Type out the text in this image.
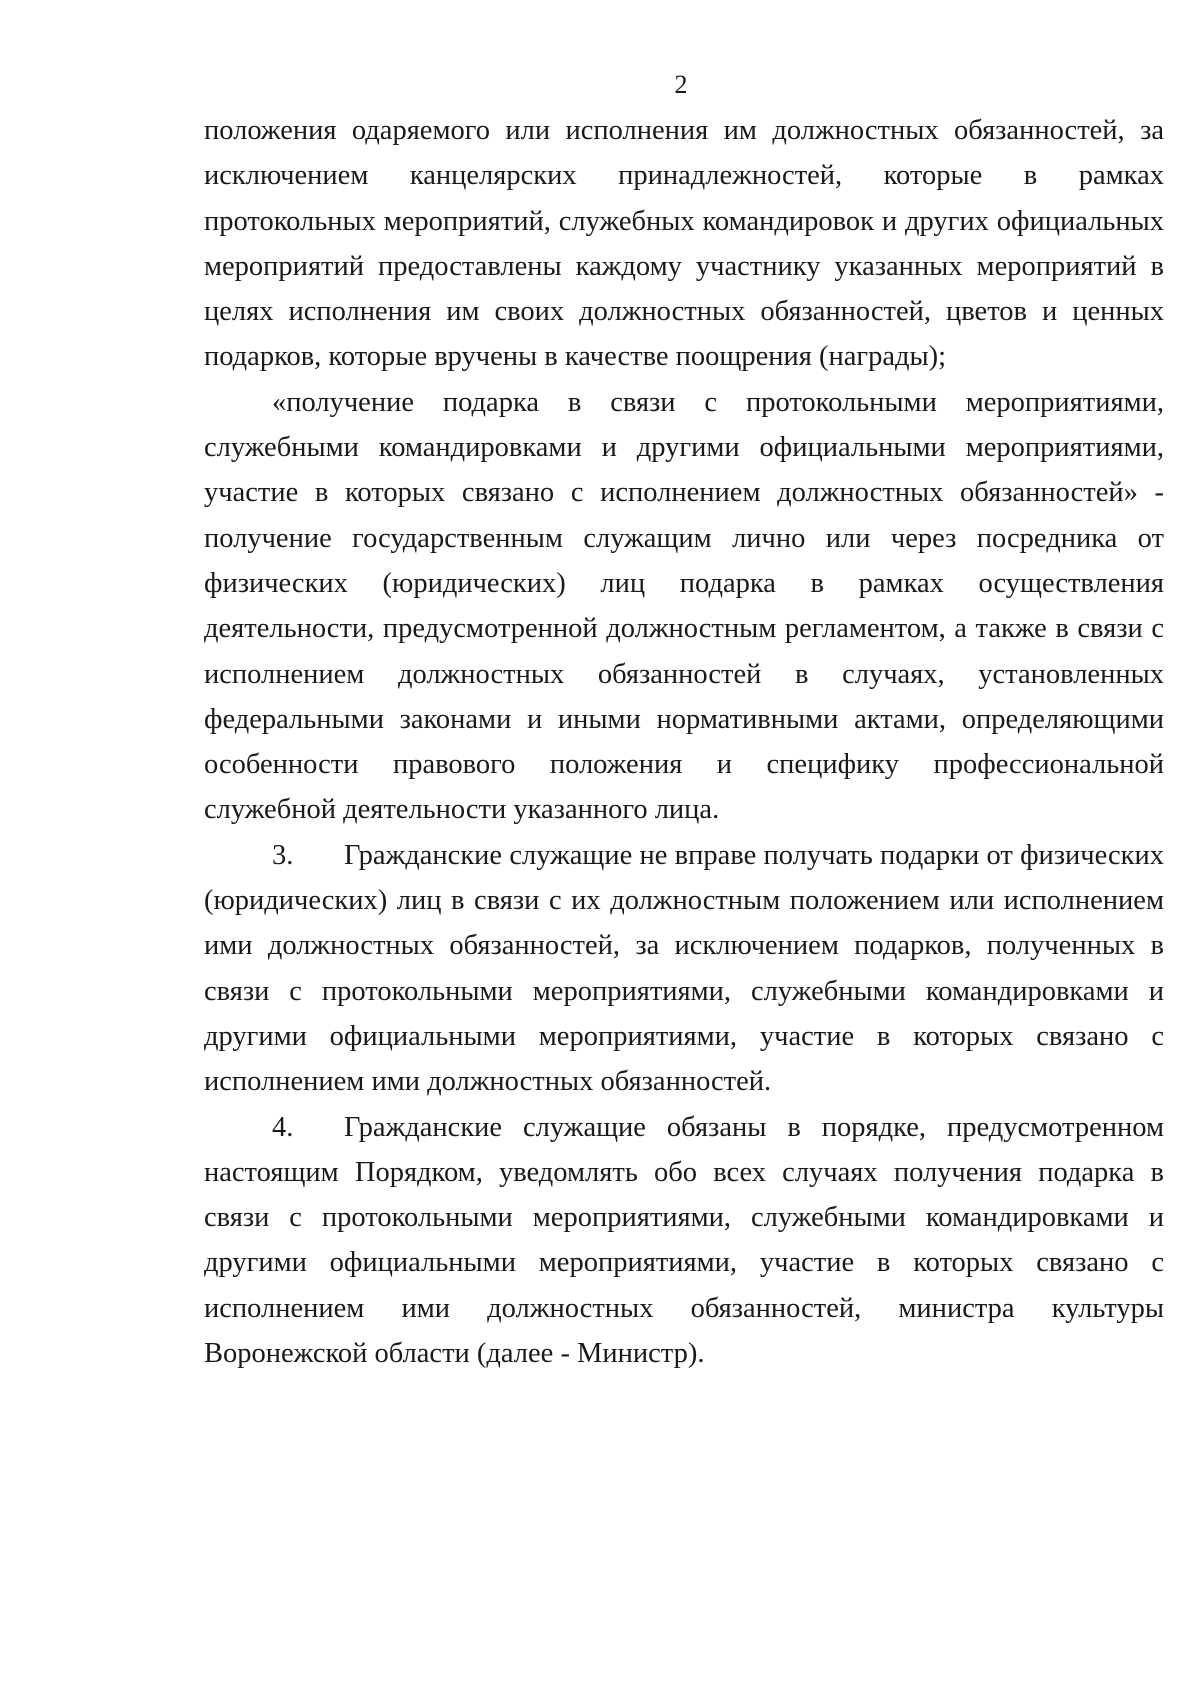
2

положения одаряемого или исполнения им должностных обязанностей, за исключением канцелярских принадлежностей, которые в рамках протокольных мероприятий, служебных командировок и других официальных мероприятий предоставлены каждому участнику указанных мероприятий в целях исполнения им своих должностных обязанностей, цветов и ценных подарков, которые вручены в качестве поощрения (награды);

«получение подарка в связи с протокольными мероприятиями, служебными командировками и другими официальными мероприятиями, участие в которых связано с исполнением должностных обязанностей» - получение государственным служащим лично или через посредника от физических (юридических) лиц подарка в рамках осуществления деятельности, предусмотренной должностным регламентом, а также в связи с исполнением должностных обязанностей в случаях, установленных федеральными законами и иными нормативными актами, определяющими особенности правового положения и специфику профессиональной служебной деятельности указанного лица.

3. Гражданские служащие не вправе получать подарки от физических (юридических) лиц в связи с их должностным положением или исполнением ими должностных обязанностей, за исключением подарков, полученных в связи с протокольными мероприятиями, служебными командировками и другими официальными мероприятиями, участие в которых связано с исполнением ими должностных обязанностей.

4. Гражданские служащие обязаны в порядке, предусмотренном настоящим Порядком, уведомлять обо всех случаях получения подарка в связи с протокольными мероприятиями, служебными командировками и другими официальными мероприятиями, участие в которых связано с исполнением ими должностных обязанностей, министра культуры Воронежской области (далее - Министр).
